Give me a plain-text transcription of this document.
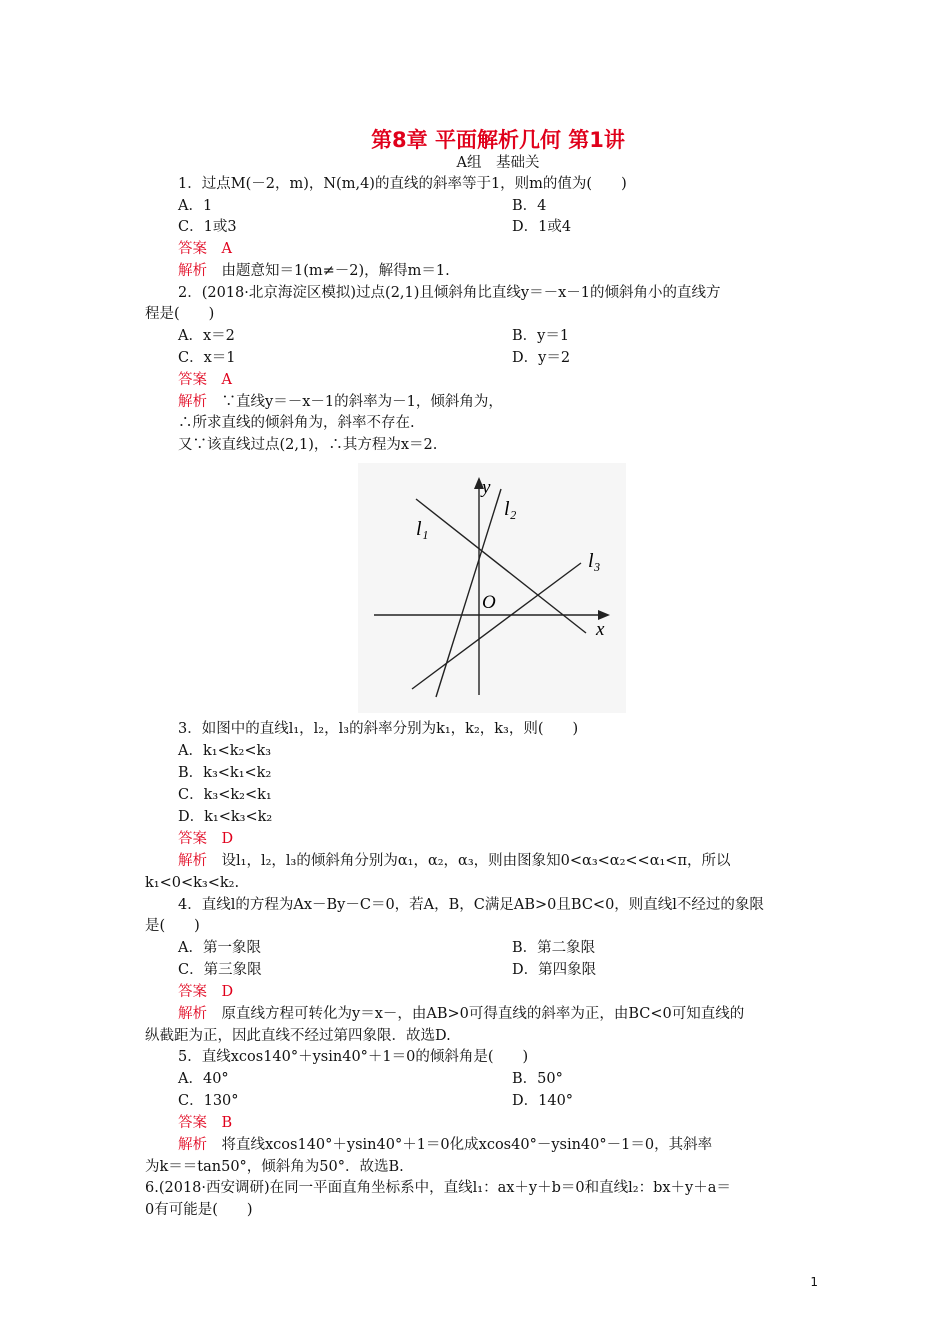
第8章 平面解析几何 第1讲
A组　基础关
1．过点M(－2，m)，N(m,4)的直线的斜率等于1，则m的值为(　　)
A．1	B．4
C．1或3	D．1或4
答案　A
解析　由题意知＝1(m≠－2)，解得m＝1.
2．(2018·北京海淀区模拟)过点(2,1)且倾斜角比直线y＝－x－1的倾斜角小的直线方
程是(　　)
A．x＝2	B．y＝1
C．x＝1	D．y＝2
答案　A
解析　∵直线y＝－x－1的斜率为－1，倾斜角为，
∴所求直线的倾斜角为，斜率不存在.
又∵该直线过点(2,1)，∴其方程为x＝2.
y
x
O
l₁
l₂
l₃
3．如图中的直线l₁，l₂，l₃的斜率分别为k₁，k₂，k₃，则(　　)
A．k₁<k₂<k₃
B．k₃<k₁<k₂
C．k₃<k₂<k₁
D．k₁<k₃<k₂
答案　D
解析　设l₁，l₂，l₃的倾斜角分别为α₁，α₂，α₃，则由图象知0<α₃<α₂<<α₁<π，所以
k₁<0<k₃<k₂.
4．直线l的方程为Ax－By－C＝0，若A，B，C满足AB>0且BC<0，则直线l不经过的象限
是(　　)
A．第一象限	B．第二象限
C．第三象限	D．第四象限
答案　D
解析　原直线方程可转化为y＝x－，由AB>0可得直线的斜率为正，由BC<0可知直线的
纵截距为正，因此直线不经过第四象限．故选D.
5．直线xcos140°＋ysin40°＋1＝0的倾斜角是(　　)
A．40°	B．50°
C．130°	D．140°
答案　B
解析　将直线xcos140°＋ysin40°＋1＝0化成xcos40°－ysin40°－1＝0，其斜率
为k＝＝tan50°，倾斜角为50°．故选B.
6.(2018·西安调研)在同一平面直角坐标系中，直线l₁：ax＋y＋b＝0和直线l₂：bx＋y＋a＝
0有可能是(　　)
1
